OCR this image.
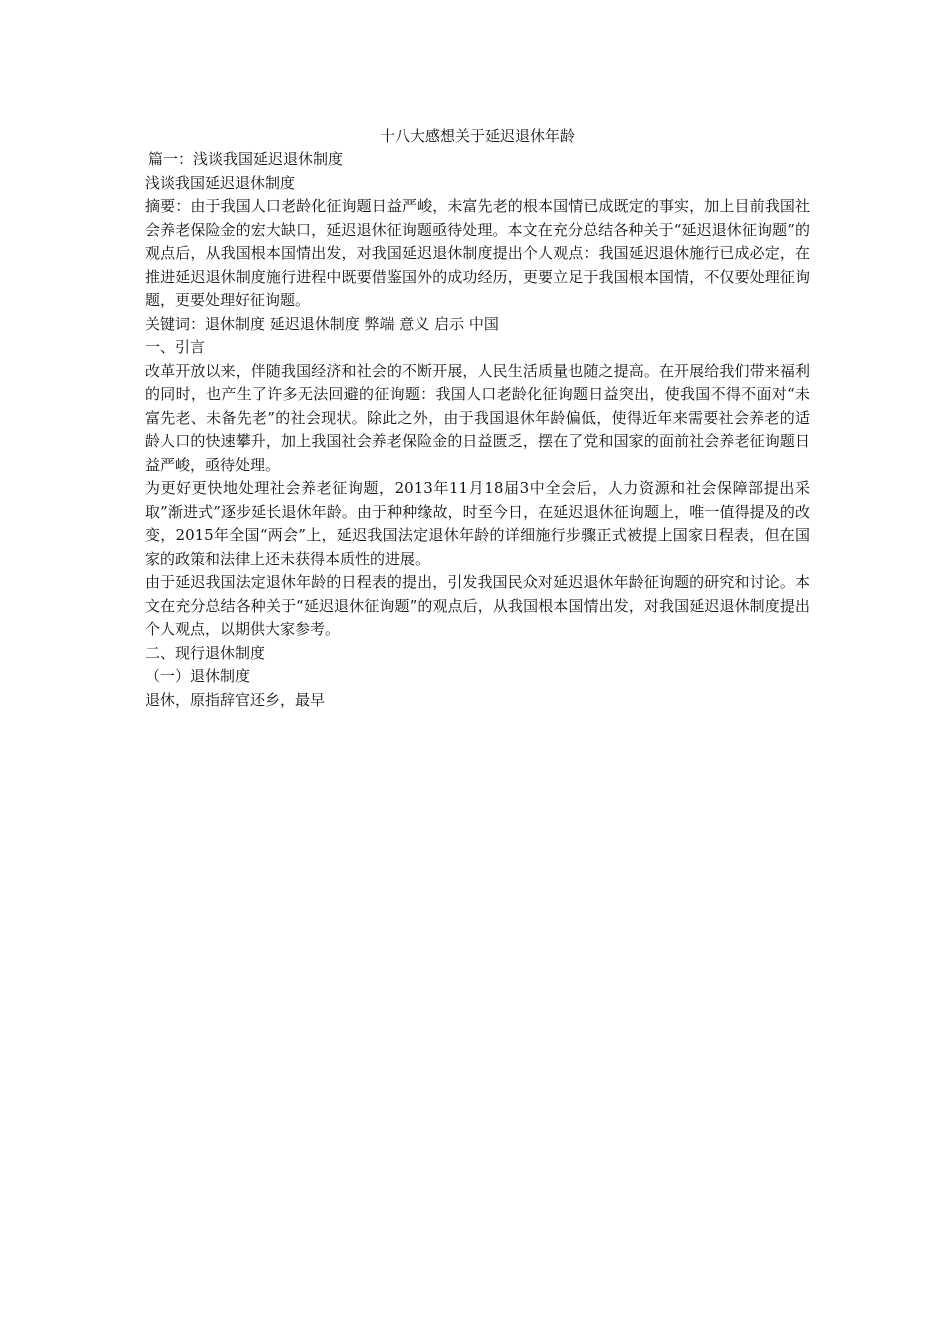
十八大感想关于延迟退休年龄

篇一：浅谈我国延迟退休制度

浅谈我国延迟退休制度

摘要：由于我国人口老龄化征询题日益严峻，未富先老的根本国情已成既定的事实，加上目前我国社会养老保险金的宏大缺口，延迟退休征询题亟待处理。本文在充分总结各种关于“延迟退休征询题”的观点后，从我国根本国情出发，对我国延迟退休制度提出个人观点：我国延迟退休施行已成必定，在推进延迟退休制度施行进程中既要借鉴国外的成功经历，更要立足于我国根本国情，不仅要处理征询题，更要处理好征询题。

关键词：退休制度 延迟退休制度 弊端 意义 启示 中国

一、引言

改革开放以来，伴随我国经济和社会的不断开展，人民生活质量也随之提高。在开展给我们带来福利的同时，也产生了许多无法回避的征询题：我国人口老龄化征询题日益突出，使我国不得不面对“未富先老、未备先老”的社会现状。除此之外，由于我国退休年龄偏低，使得近年来需要社会养老的适龄人口的快速攀升，加上我国社会养老保险金的日益匮乏，摆在了党和国家的面前社会养老征询题日益严峻，亟待处理。

为更好更快地处理社会养老征询题，2013年11月18届3中全会后，人力资源和社会保障部提出采取”渐进式”逐步延长退休年龄。由于种种缘故，时至今日，在延迟退休征询题上，唯一值得提及的改变，2015年全国“两会”上，延迟我国法定退休年龄的详细施行步骤正式被提上国家日程表，但在国家的政策和法律上还未获得本质性的进展。

由于延迟我国法定退休年龄的日程表的提出，引发我国民众对延迟退休年龄征询题的研究和讨论。本文在充分总结各种关于“延迟退休征询题”的观点后，从我国根本国情出发，对我国延迟退休制度提出个人观点，以期供大家参考。

二、现行退休制度

（一）退休制度

退休，原指辞官还乡，最早
